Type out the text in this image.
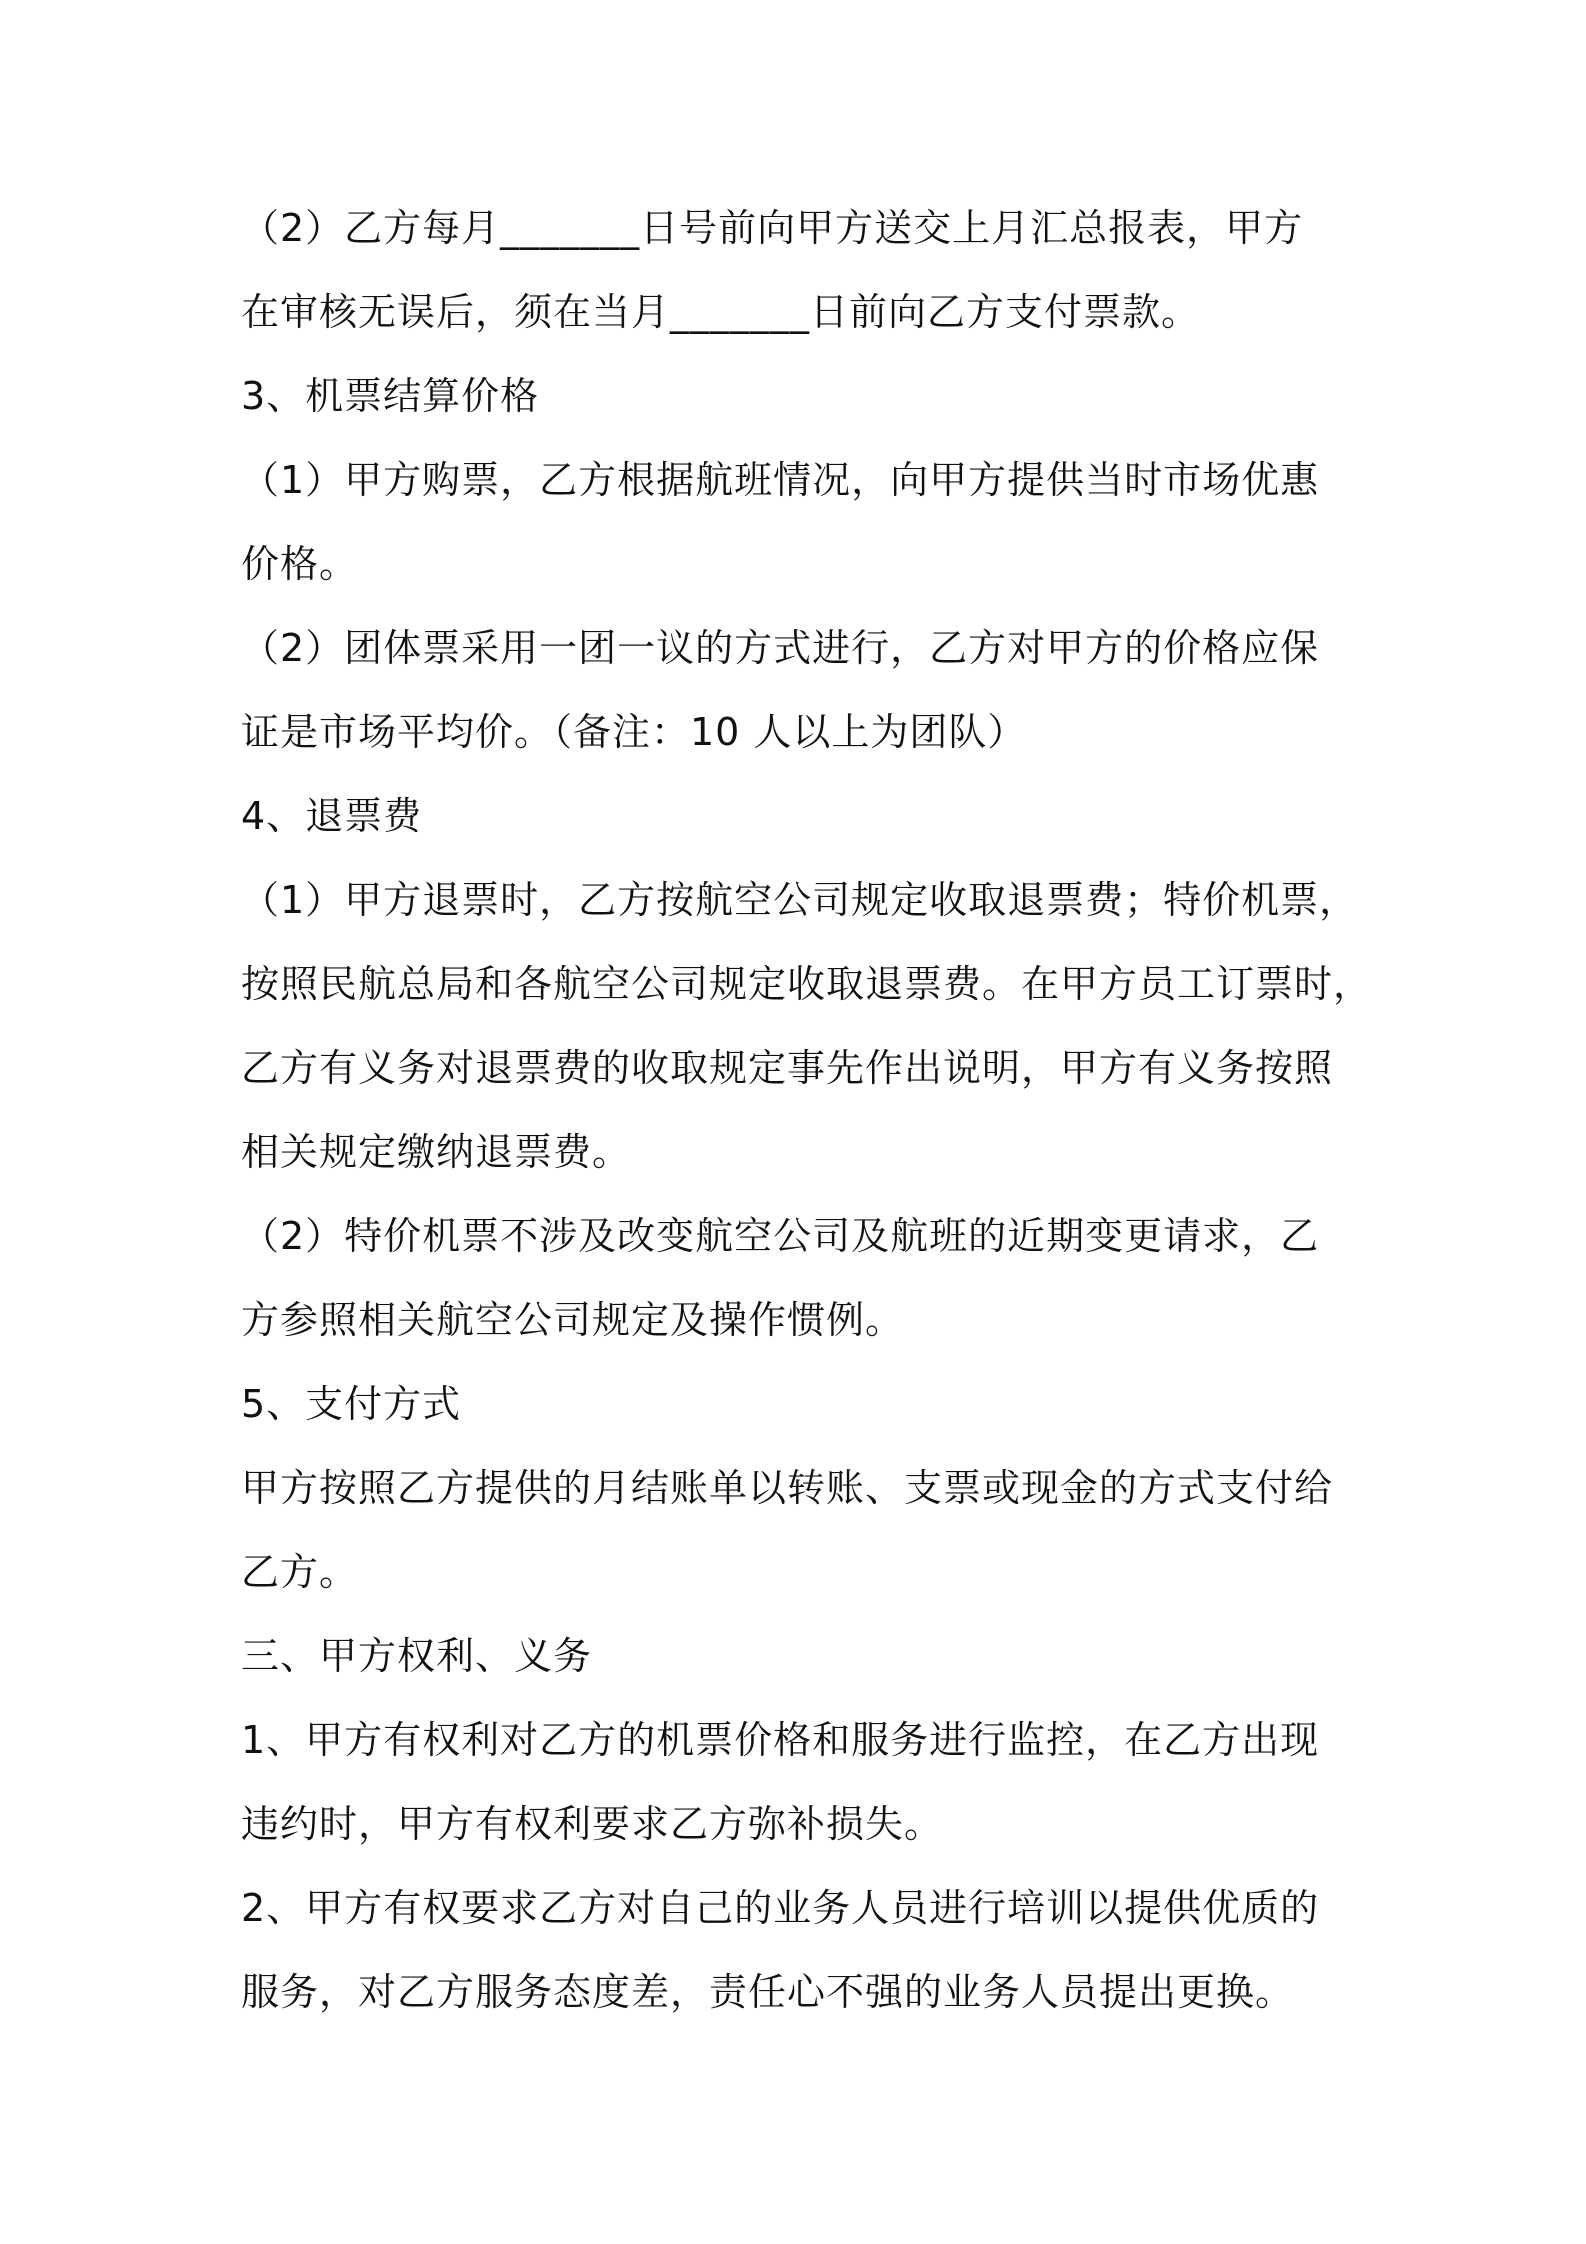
（2）乙方每月_______日号前向甲方送交上月汇总报表，甲方
在审核无误后，须在当月_______日前向乙方支付票款。
3、机票结算价格
（1）甲方购票，乙方根据航班情况，向甲方提供当时市场优惠
价格。
（2）团体票采用一团一议的方式进行，乙方对甲方的价格应保
证是市场平均价。（备注：10 人以上为团队）
4、退票费
（1）甲方退票时，乙方按航空公司规定收取退票费；特价机票，
按照民航总局和各航空公司规定收取退票费。在甲方员工订票时，
乙方有义务对退票费的收取规定事先作出说明，甲方有义务按照
相关规定缴纳退票费。
（2）特价机票不涉及改变航空公司及航班的近期变更请求，乙
方参照相关航空公司规定及操作惯例。
5、支付方式
甲方按照乙方提供的月结账单以转账、支票或现金的方式支付给
乙方。
三、甲方权利、义务
1、甲方有权利对乙方的机票价格和服务进行监控，在乙方出现
违约时，甲方有权利要求乙方弥补损失。
2、甲方有权要求乙方对自己的业务人员进行培训以提供优质的
服务，对乙方服务态度差，责任心不强的业务人员提出更换。
